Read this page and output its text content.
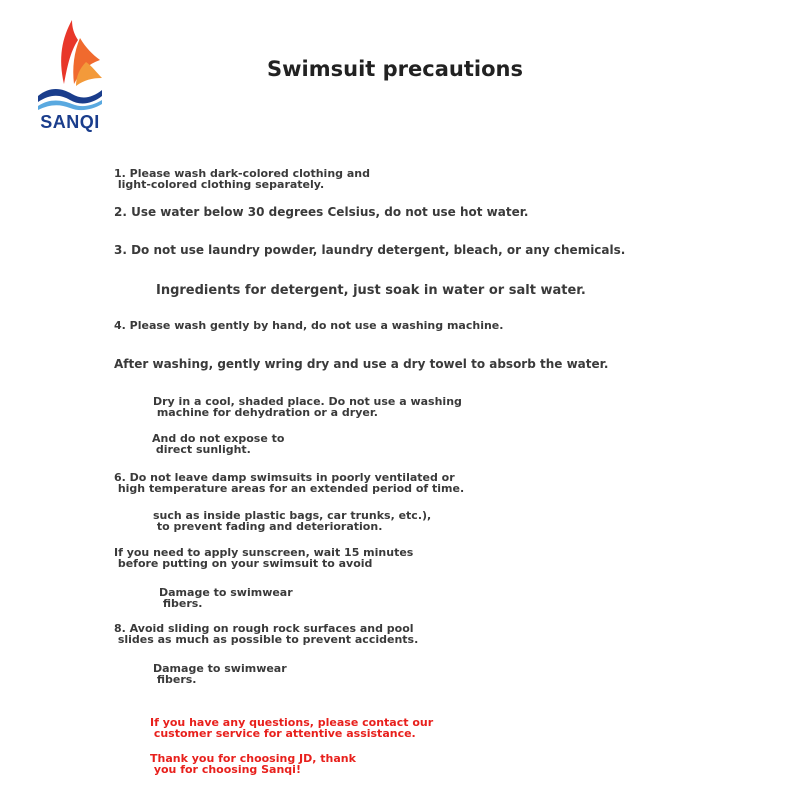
SANQI
Swimsuit precautions
1. Please wash dark-colored clothing and
light-colored clothing separately.
2. Use water below 30 degrees Celsius, do not use hot water.
3. Do not use laundry powder, laundry detergent, bleach, or any chemicals.
Ingredients for detergent, just soak in water or salt water.
4. Please wash gently by hand, do not use a washing machine.
After washing, gently wring dry and use a dry towel to absorb the water.
Dry in a cool, shaded place. Do not use a washing
machine for dehydration or a dryer.
And do not expose to
direct sunlight.
6. Do not leave damp swimsuits in poorly ventilated or
high temperature areas for an extended period of time.
such as inside plastic bags, car trunks, etc.),
to prevent fading and deterioration.
If you need to apply sunscreen, wait 15 minutes
before putting on your swimsuit to avoid
Damage to swimwear
fibers.
8. Avoid sliding on rough rock surfaces and pool
slides as much as possible to prevent accidents.
Damage to swimwear
fibers.
If you have any questions, please contact our
customer service for attentive assistance.
Thank you for choosing JD, thank
you for choosing Sanqi!
